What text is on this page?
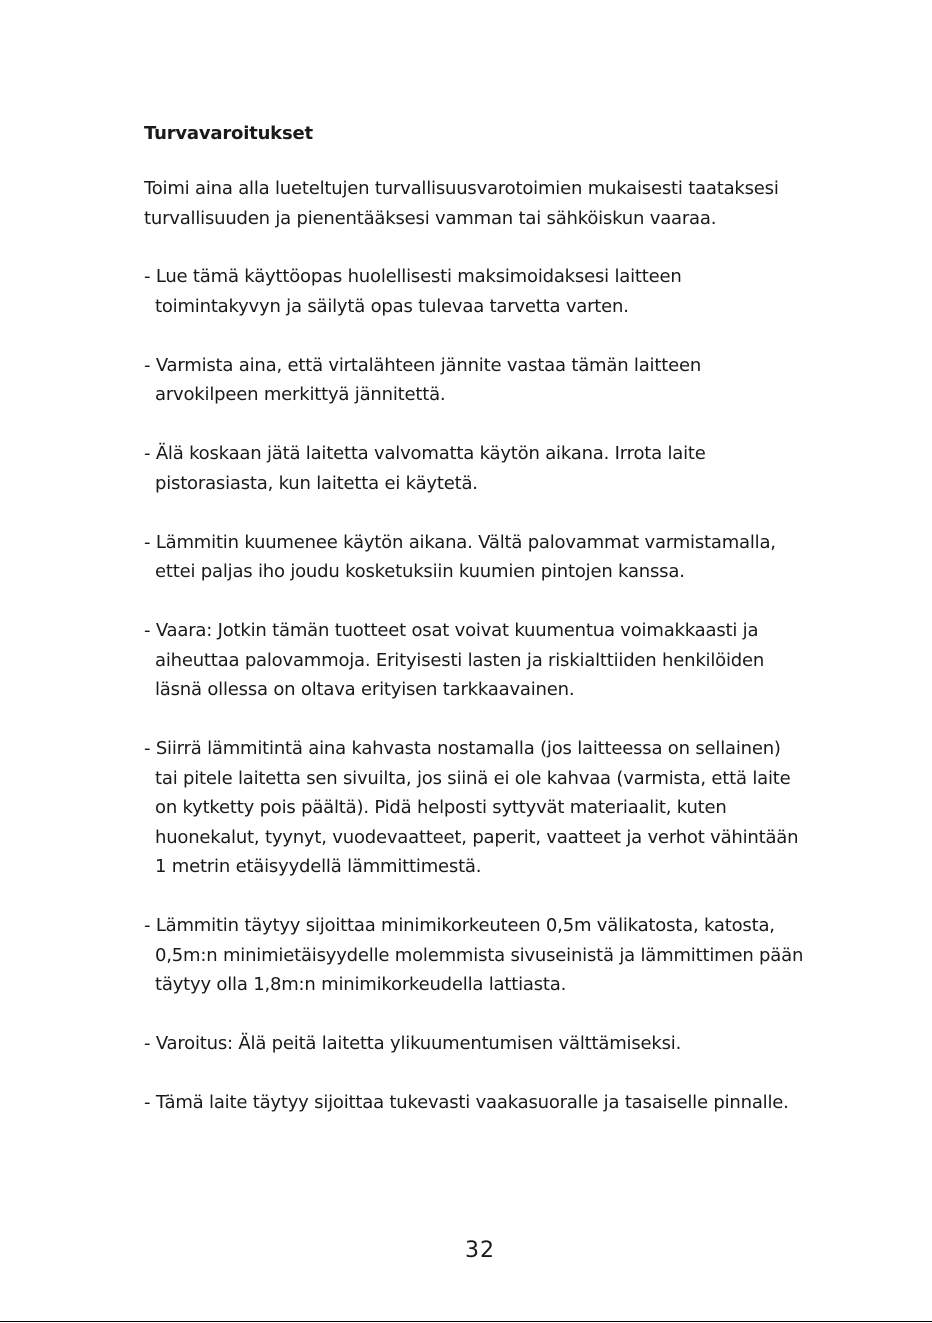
Turvavaroitukset

Toimi aina alla lueteltujen turvallisuusvarotoimien mukaisesti taataksesi turvallisuuden ja pienentääksesi vamman tai sähköiskun vaaraa.

- Lue tämä käyttöopas huolellisesti maksimoidaksesi laitteen toimintakyvyn ja säilytä opas tulevaa tarvetta varten.
- Varmista aina, että virtalähteen jännite vastaa tämän laitteen arvokilpeen merkittyä jännitettä.
- Älä koskaan jätä laitetta valvomatta käytön aikana. Irrota laite pistorasiasta, kun laitetta ei käytetä.
- Lämmitin kuumenee käytön aikana. Vältä palovammat varmistamalla, ettei paljas iho joudu kosketuksiin kuumien pintojen kanssa.
- Vaara: Jotkin tämän tuotteet osat voivat kuumentua voimakkaasti ja aiheuttaa palovammoja. Erityisesti lasten ja riskialttiiden henkilöiden läsnä ollessa on oltava erityisen tarkkaavainen.
- Siirrä lämmitintä aina kahvasta nostamalla (jos laitteessa on sellainen) tai pitele laitetta sen sivuilta, jos siinä ei ole kahvaa (varmista, että laite on kytketty pois päältä). Pidä helposti syttyvät materiaalit, kuten huonekalut, tyynyt, vuodevaatteet, paperit, vaatteet ja verhot vähintään 1 metrin etäisyydellä lämmittimestä.
- Lämmitin täytyy sijoittaa minimikorkeuteen 0,5m välikatosta, katosta, 0,5m:n minimietäisyydelle molemmista sivuseinistä ja lämmittimen pään täytyy olla 1,8m:n minimikorkeudella lattiasta.
- Varoitus: Älä peitä laitetta ylikuumentumisen välttämiseksi.
- Tämä laite täytyy sijoittaa tukevasti vaakasuoralle ja tasaiselle pinnalle.
32
